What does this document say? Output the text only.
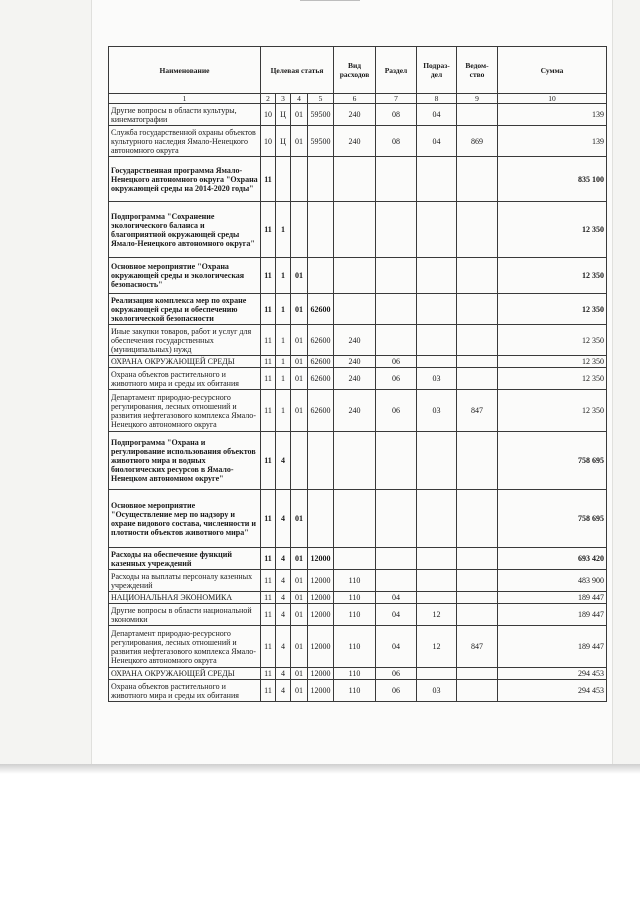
Наименование	Целевая статья				Вид расходов	Раздел	Подраз-дел	Ведом-ство	Сумма
1	2	3	4	5	6	7	8	9	10
Другие вопросы в области культуры, кинематографии	10	Ц	01	59500	240	08	04		139
Служба государственной охраны объектов культурного наследия Ямало-Ненецкого автономного округа	10	Ц	01	59500	240	08	04	869	139
Государственная программа Ямало-Ненецкого автономного округа "Охрана окружающей среды на 2014-2020 годы"	11								835 100
Подпрограмма "Сохранение экологического баланса и благоприятной окружающей среды Ямало-Ненецкого автономного округа"	11	1							12 350
Основное мероприятие "Охрана окружающей среды и экологическая безопасность"	11	1	01						12 350
Реализация комплекса мер по охране окружающей среды и обеспечению экологической безопасности	11	1	01	62600					12 350
Иные закупки товаров, работ и услуг для обеспечения государственных (муниципальных) нужд	11	1	01	62600	240				12 350
ОХРАНА ОКРУЖАЮЩЕЙ СРЕДЫ	11	1	01	62600	240	06			12 350
Охрана объектов растительного и животного мира и среды их обитания	11	1	01	62600	240	06	03		12 350
Департамент природно-ресурсного регулирования, лесных отношений и развития нефтегазового комплекса Ямало-Ненецкого автономного округа	11	1	01	62600	240	06	03	847	12 350
Подпрограмма "Охрана и регулирование использования объектов животного мира и водных биологических ресурсов в Ямало-Ненецком автономном округе"	11	4							758 695
Основное мероприятие "Осуществление мер по надзору и охране видового состава, численности и плотности объектов животного мира"	11	4	01						758 695
Расходы на обеспечение функций казенных учреждений	11	4	01	12000					693 420
Расходы на выплаты персоналу казенных учреждений	11	4	01	12000	110				483 900
НАЦИОНАЛЬНАЯ ЭКОНОМИКА	11	4	01	12000	110	04			189 447
Другие вопросы в области национальной экономики	11	4	01	12000	110	04	12		189 447
Департамент природно-ресурсного регулирования, лесных отношений и развития нефтегазового комплекса Ямало-Ненецкого автономного округа	11	4	01	12000	110	04	12	847	189 447
ОХРАНА ОКРУЖАЮЩЕЙ СРЕДЫ	11	4	01	12000	110	06			294 453
Охрана объектов растительного и животного мира и среды их обитания	11	4	01	12000	110	06	03		294 453
